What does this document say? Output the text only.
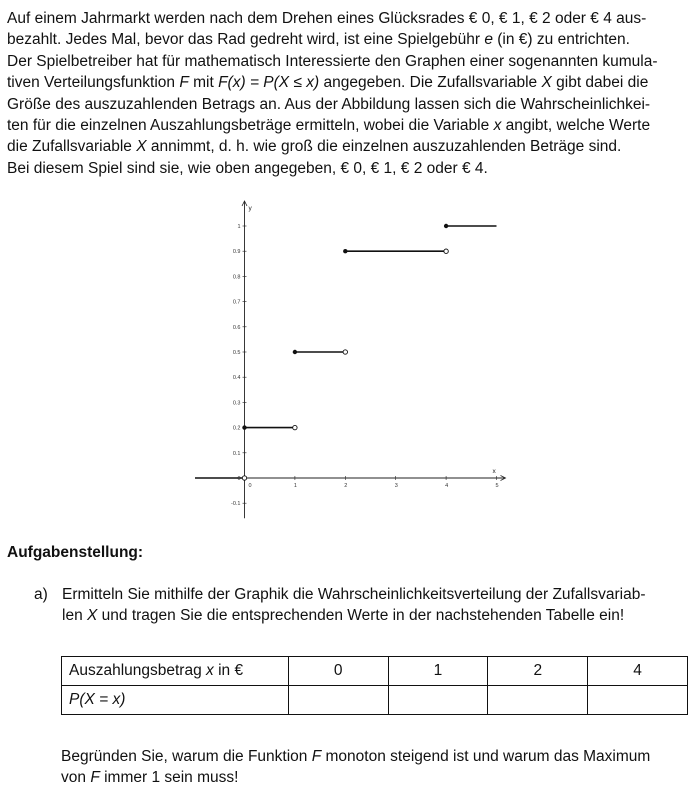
Auf einem Jahrmarkt werden nach dem Drehen eines Glücksrades € 0, € 1, € 2 oder € 4 aus-

bezahlt. Jedes Mal, bevor das Rad gedreht wird, ist eine Spielgebühr e (in €) zu entrichten.

Der Spielbetreiber hat für mathematisch Interessierte den Graphen einer sogenannten kumula-

tiven Verteilungsfunktion F mit F(x) = P(X ≤ x) angegeben. Die Zufallsvariable X gibt dabei die

Größe des auszuzahlenden Betrags an. Aus der Abbildung lassen sich die Wahrscheinlichkei-

ten für die einzelnen Auszahlungsbeträge ermitteln, wobei die Variable x angibt, welche Werte

die Zufallsvariable X annimmt, d. h. wie groß die einzelnen auszuzahlenden Beträge sind.

Bei diesem Spiel sind sie, wie oben angegeben, € 0, € 1, € 2 oder € 4.

x
y
0	1	2	3	4	5
-0.1
0
0.1
0.2
0.3
0.4
0.5
0.6
0.7
0.8
0.9
1
Aufgabenstellung:
a) Ermitteln Sie mithilfe der Graphik die Wahrscheinlichkeitsverteilung der Zufallsvariab-
len X und tragen Sie die entsprechenden Werte in der nachstehenden Tabelle ein!
Auszahlungsbetrag x in €	0	1	2	4
P(X = x)				
Begründen Sie, warum die Funktion F monoton steigend ist und warum das Maximum
von F immer 1 sein muss!
